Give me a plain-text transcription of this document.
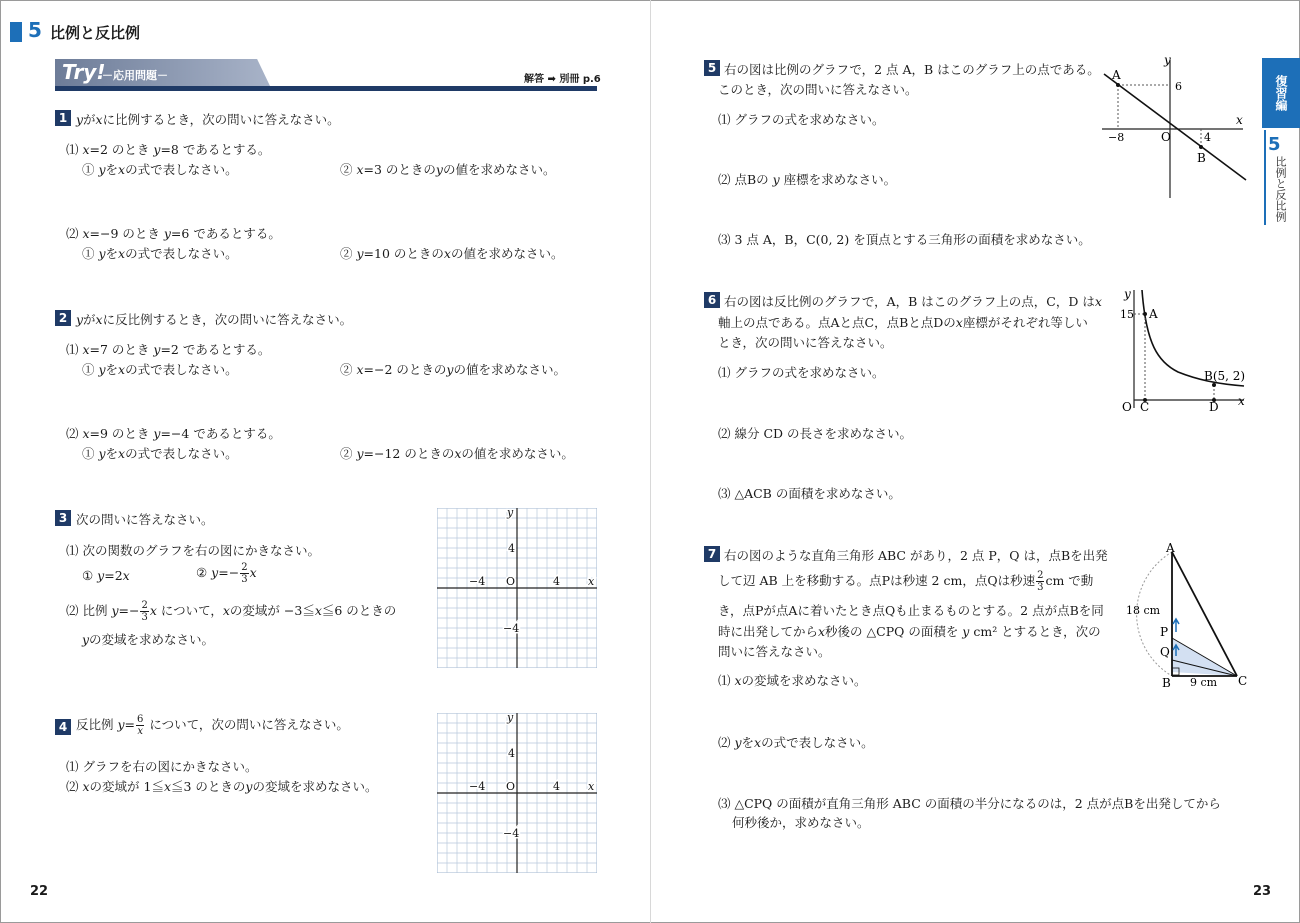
5 比例と反比例
Try!
－応用問題－	解答 ➡ 別冊 p.6
1 𝑦が𝑥に比例するとき，次の問いに答えなさい。
⑴ 𝑥=2 のとき 𝑦=8 であるとする。
① 𝑦を𝑥の式で表しなさい。	② 𝑥=3 のときの𝑦の値を求めなさい。
⑵ 𝑥=−9 のとき 𝑦=6 であるとする。
① 𝑦を𝑥の式で表しなさい。	② 𝑦=10 のときの𝑥の値を求めなさい。
2 𝑦が𝑥に反比例するとき，次の問いに答えなさい。
⑴ 𝑥=7 のとき 𝑦=2 であるとする。
① 𝑦を𝑥の式で表しなさい。	② 𝑥=−2 のときの𝑦の値を求めなさい。
⑵ 𝑥=9 のとき 𝑦=−4 であるとする。
① 𝑦を𝑥の式で表しなさい。	② 𝑦=−12 のときの𝑥の値を求めなさい。
3 次の問いに答えなさい。
⑴ 次の関数のグラフを右の図にかきなさい。
① 𝑦=2𝑥	② 𝑦=− $\frac{2}{3}$ 𝑥
⑵ 比例 𝑦=− $\frac{2}{3}$ 𝑥 について，𝑥の変域が −3≦𝑥≦6 のときの
𝑦の変域を求めなさい。
4 反比例 𝑦= $\frac{6}{\text{𝑥}}$ について，次の問いに答えなさい。
⑴ グラフを右の図にかきなさい。
⑵ 𝑥の変域が 1≦𝑥≦3 のときの𝑦の変域を求めなさい。
𝑦
𝑥
4
−4
−4	4
O
𝑦
𝑥
4
−4
−4	4
O
5 右の図は比例のグラフで，2 点 A，B はこのグラフ上の点である。
このとき，次の問いに答えなさい。
⑴ グラフの式を求めなさい。
⑵ 点Bの 𝑦 座標を求めなさい。
⑶ 3 点 A，B，C(0, 2) を頂点とする三角形の面積を求めなさい。
A
B
O
𝑥
𝑦
6
−8	4
6 右の図は反比例のグラフで，A，B はこのグラフ上の点，C，D は𝑥
軸上の点である。点Aと点C，点Bと点Dの𝑥座標がそれぞれ等しい
とき，次の問いに答えなさい。
⑴ グラフの式を求めなさい。
⑵ 線分 CD の長さを求めなさい。
⑶ △ACB の面積を求めなさい。
A
B(5, 2)
C	D
O	𝑥
𝑦
15
7 右の図のような直角三角形 ABC があり，2 点 P，Q は，点Bを出発
して辺 AB 上を移動する。点Pは秒速 2 cm，点Qは秒速 $\frac{2}{3}$ cm で動
き，点Pが点Aに着いたとき点Qも止まるものとする。2 点が点Bを同
時に出発してから𝑥秒後の △CPQ の面積を 𝑦 cm² とするとき，次の
問いに答えなさい。
⑴ 𝑥の変域を求めなさい。
⑵ 𝑦を𝑥の式で表しなさい。
⑶ △CPQ の面積が直角三角形 ABC の面積の半分になるのは，2 点が点Bを出発してから
何秒後か，求めなさい。
A
B	C
P
Q
18 cm
9 cm
復習編
5
比例と反比例
22	23
